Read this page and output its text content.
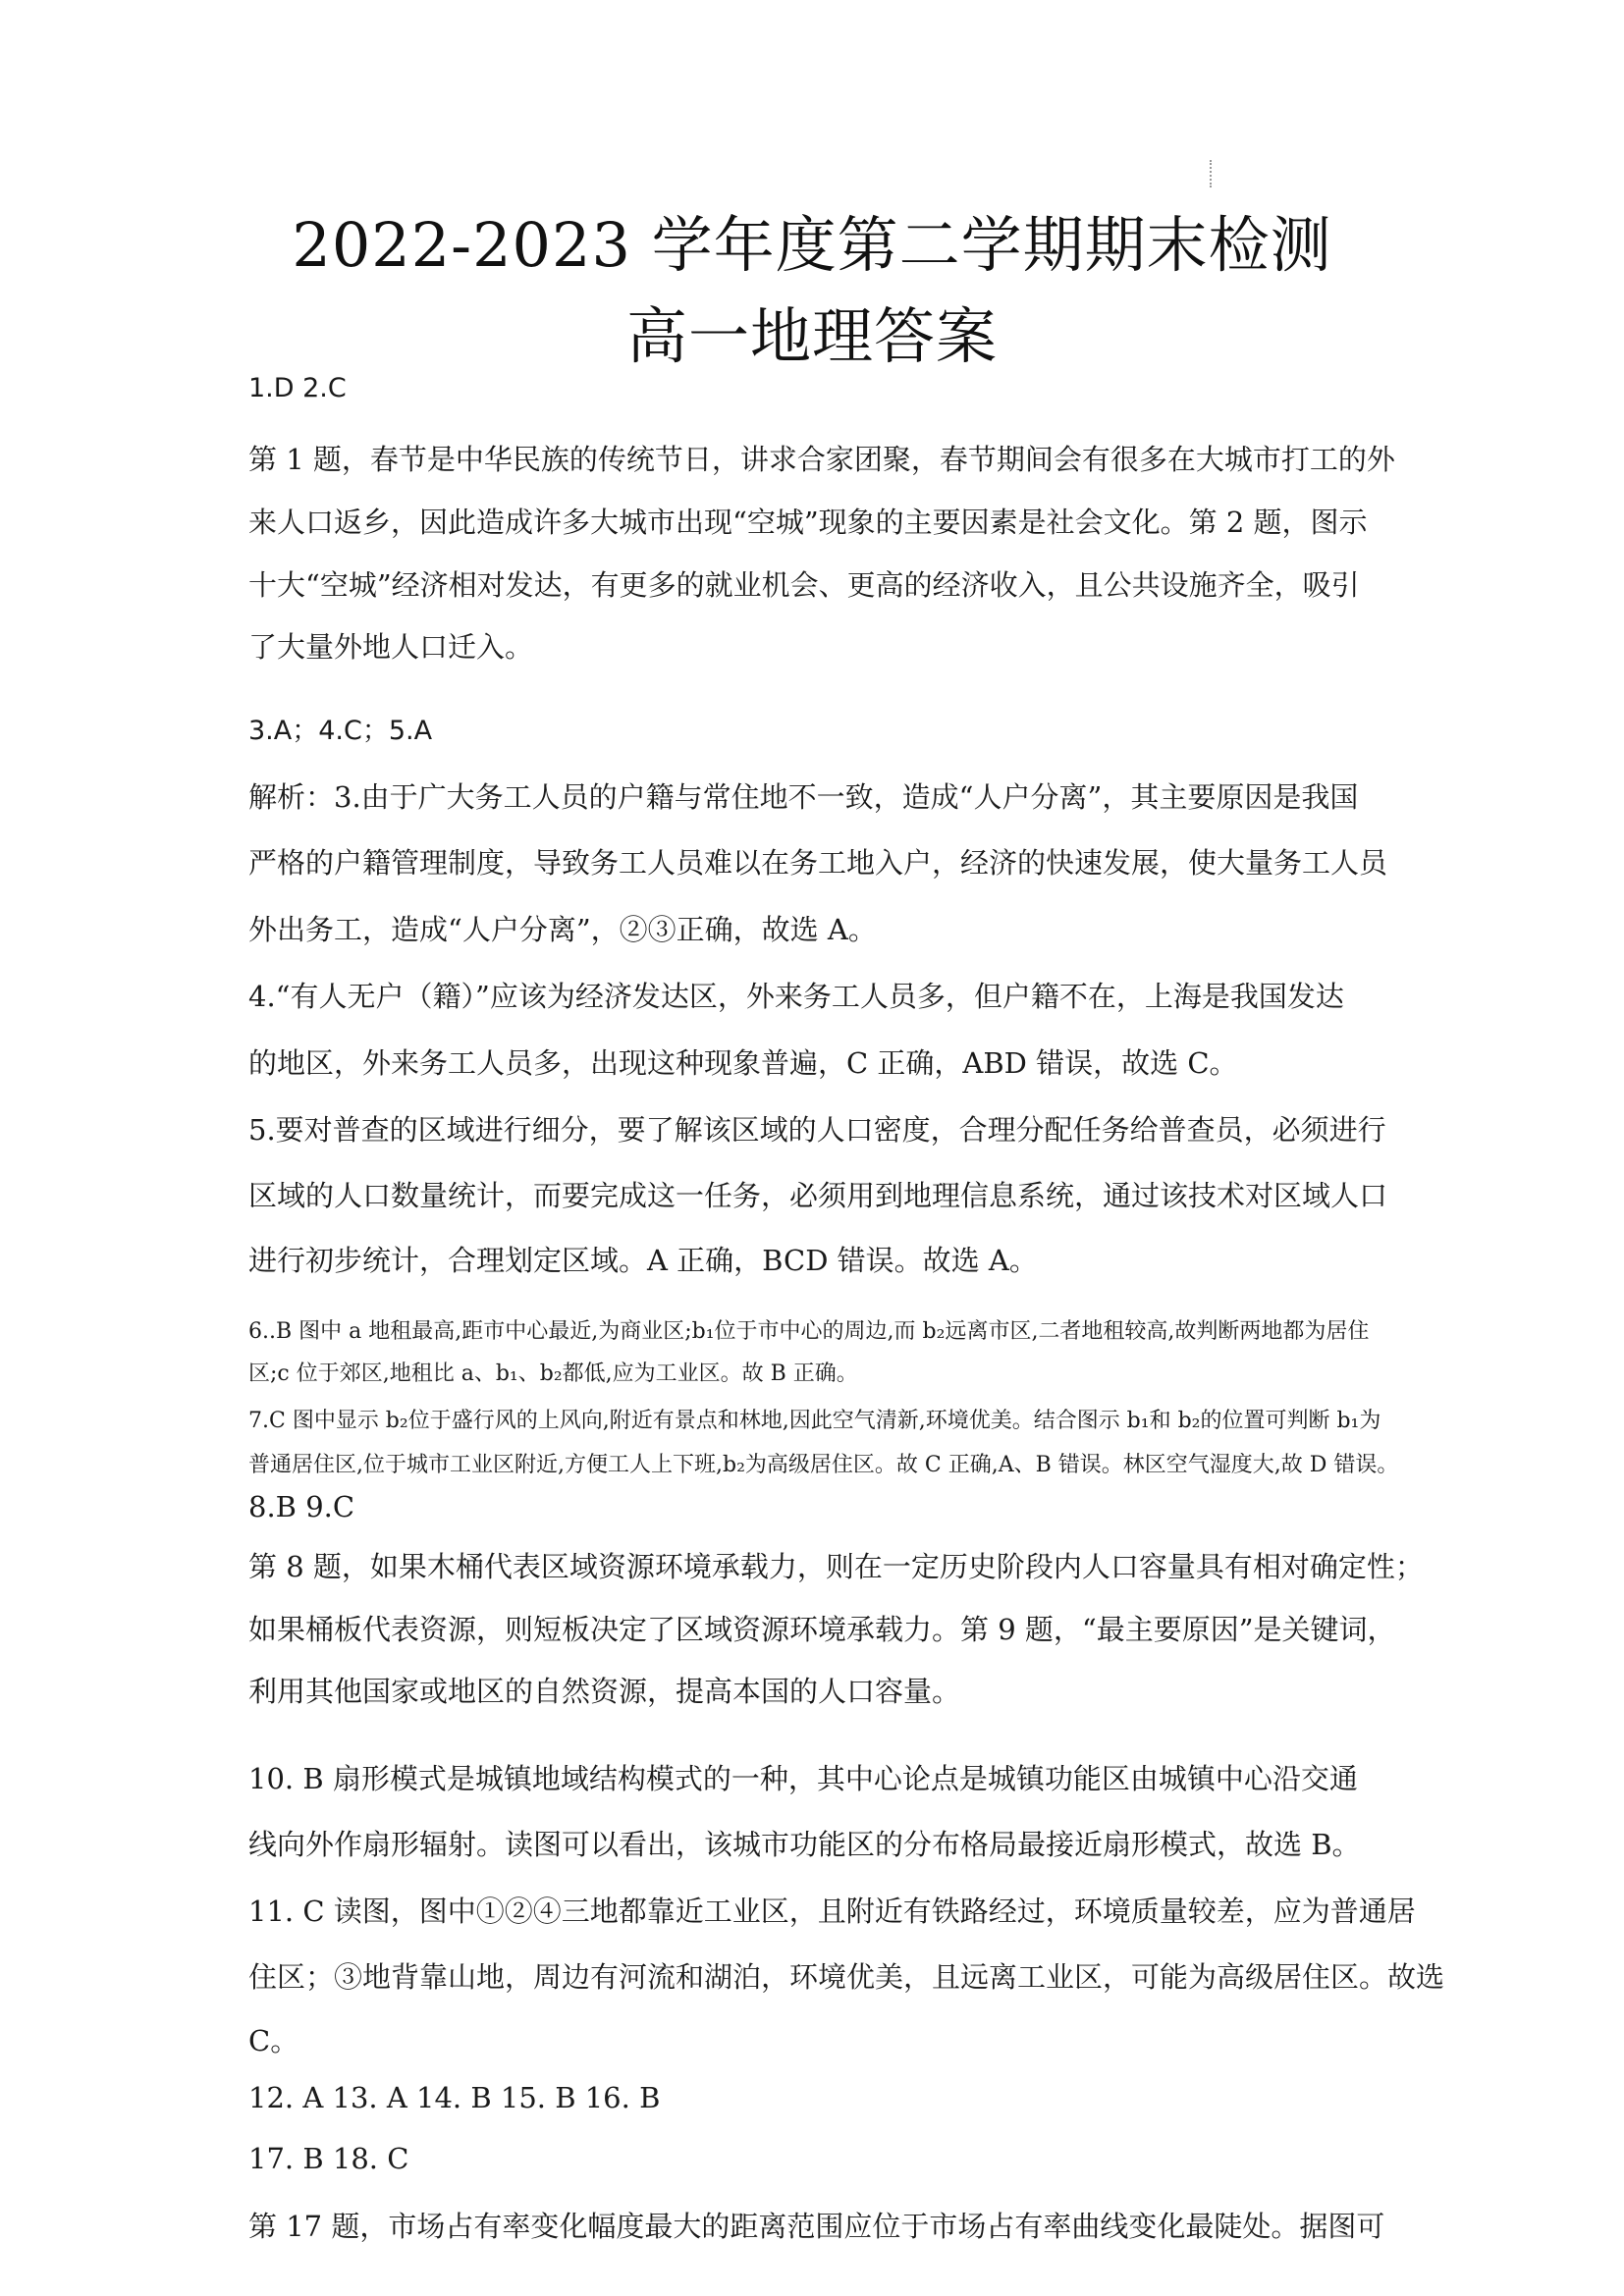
2022-2023 学年度第二学期期末检测
高一地理答案
1.D 2.C
第 1 题，春节是中华民族的传统节日，讲求合家团聚，春节期间会有很多在大城市打工的外
来人口返乡，因此造成许多大城市出现“空城”现象的主要因素是社会文化。第 2 题，图示
十大“空城”经济相对发达，有更多的就业机会、更高的经济收入，且公共设施齐全，吸引
了大量外地人口迁入。
3.A；4.C；5.A
解析：3.由于广大务工人员的户籍与常住地不一致，造成“人户分离”，其主要原因是我国
严格的户籍管理制度，导致务工人员难以在务工地入户，经济的快速发展，使大量务工人员
外出务工，造成“人户分离”，②③正确，故选 A。
4.“有人无户（籍）”应该为经济发达区，外来务工人员多，但户籍不在，上海是我国发达
的地区，外来务工人员多，出现这种现象普遍，C 正确，ABD 错误，故选 C。
5.要对普查的区域进行细分，要了解该区域的人口密度，合理分配任务给普查员，必须进行
区域的人口数量统计，而要完成这一任务，必须用到地理信息系统，通过该技术对区域人口
进行初步统计，合理划定区域。A 正确，BCD 错误。故选 A。
6..B 图中 a 地租最高,距市中心最近,为商业区;b₁位于市中心的周边,而 b₂远离市区,二者地租较高,故判断两地都为居住
区;c 位于郊区,地租比 a、b₁、b₂都低,应为工业区。故 B 正确。
7.C 图中显示 b₂位于盛行风的上风向,附近有景点和林地,因此空气清新,环境优美。结合图示 b₁和 b₂的位置可判断 b₁为
普通居住区,位于城市工业区附近,方便工人上下班,b₂为高级居住区。故 C 正确,A、B 错误。林区空气湿度大,故 D 错误。
8.B 9.C
第 8 题，如果木桶代表区域资源环境承载力，则在一定历史阶段内人口容量具有相对确定性；
如果桶板代表资源，则短板决定了区域资源环境承载力。第 9 题，“最主要原因”是关键词，
利用其他国家或地区的自然资源，提高本国的人口容量。
10. B 扇形模式是城镇地域结构模式的一种，其中心论点是城镇功能区由城镇中心沿交通
线向外作扇形辐射。读图可以看出，该城市功能区的分布格局最接近扇形模式，故选 B。
11. C 读图，图中①②④三地都靠近工业区，且附近有铁路经过，环境质量较差，应为普通居
住区；③地背靠山地，周边有河流和湖泊，环境优美，且远离工业区，可能为高级居住区。故选
C。
12. A 13. A 14. B 15. B 16. B
17. B 18. C
第 17 题，市场占有率变化幅度最大的距离范围应位于市场占有率曲线变化最陡处。据图可
